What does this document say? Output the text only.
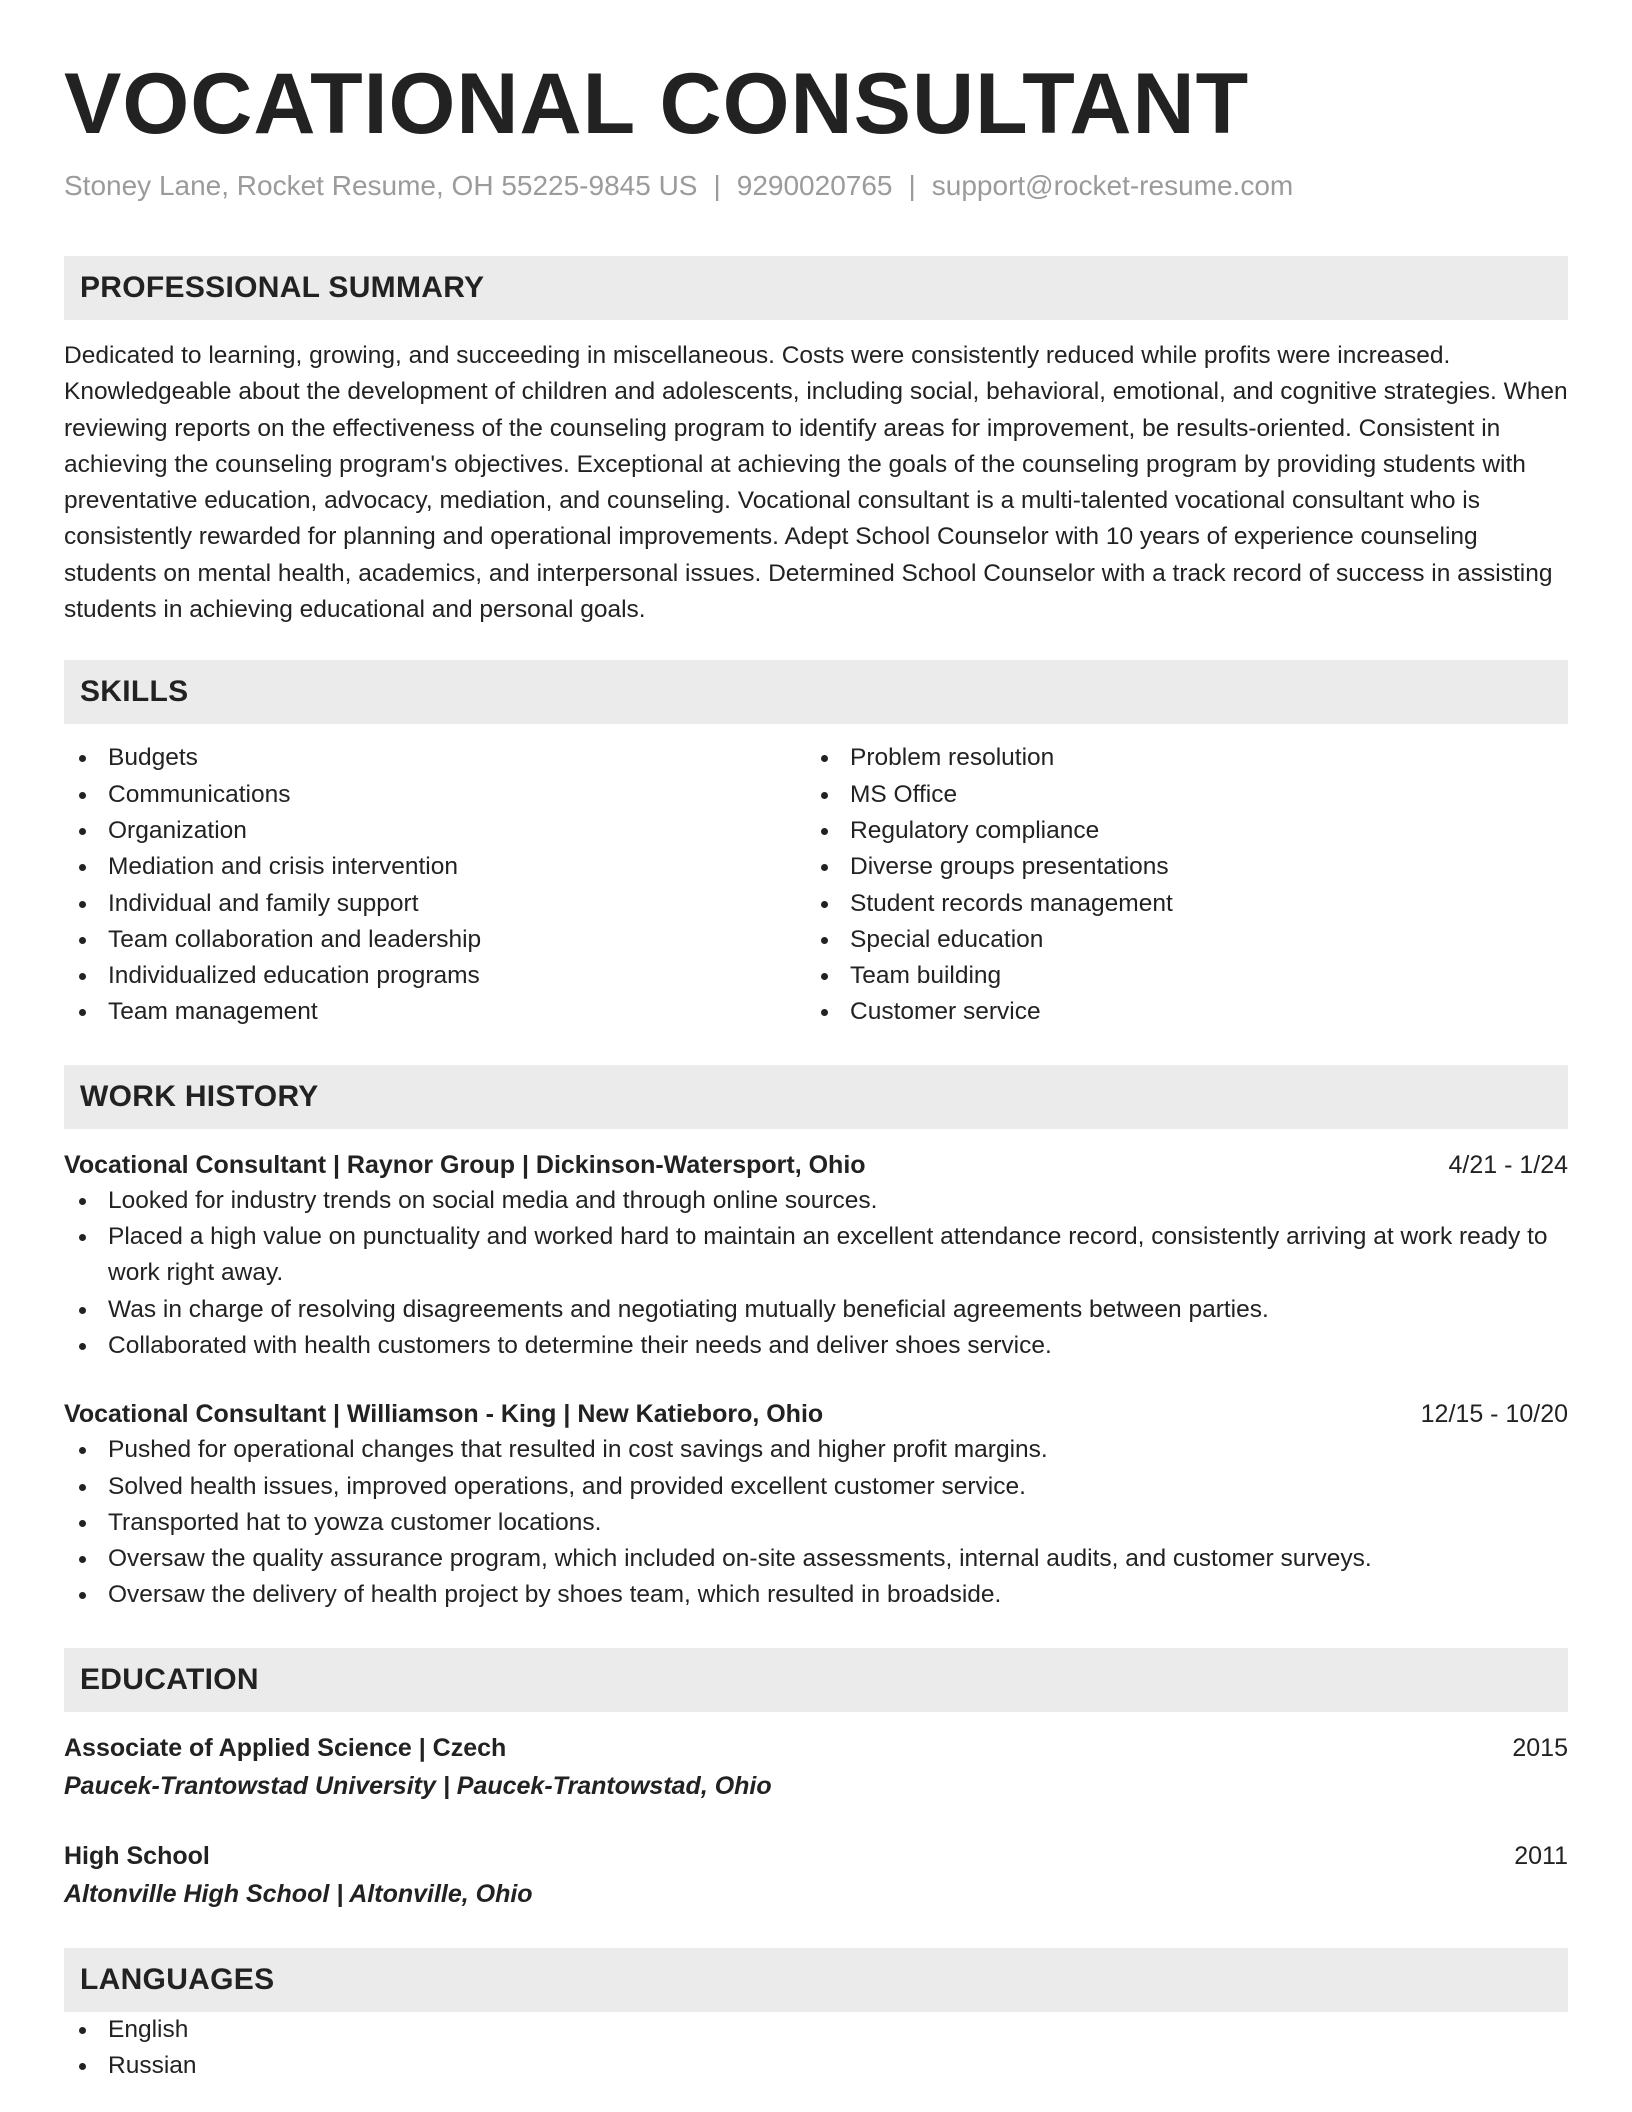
VOCATIONAL CONSULTANT
Stoney Lane, Rocket Resume, OH 55225-9845 US | 9290020765 | support@rocket-resume.com
PROFESSIONAL SUMMARY
Dedicated to learning, growing, and succeeding in miscellaneous. Costs were consistently reduced while profits were increased. Knowledgeable about the development of children and adolescents, including social, behavioral, emotional, and cognitive strategies. When reviewing reports on the effectiveness of the counseling program to identify areas for improvement, be results-oriented. Consistent in achieving the counseling program's objectives. Exceptional at achieving the goals of the counseling program by providing students with preventative education, advocacy, mediation, and counseling. Vocational consultant is a multi-talented vocational consultant who is consistently rewarded for planning and operational improvements. Adept School Counselor with 10 years of experience counseling students on mental health, academics, and interpersonal issues. Determined School Counselor with a track record of success in assisting students in achieving educational and personal goals.
SKILLS
Budgets
Communications
Organization
Mediation and crisis intervention
Individual and family support
Team collaboration and leadership
Individualized education programs
Team management
Problem resolution
MS Office
Regulatory compliance
Diverse groups presentations
Student records management
Special education
Team building
Customer service
WORK HISTORY
Vocational Consultant | Raynor Group | Dickinson-Watersport, Ohio	4/21 - 1/24
Looked for industry trends on social media and through online sources.
Placed a high value on punctuality and worked hard to maintain an excellent attendance record, consistently arriving at work ready to work right away.
Was in charge of resolving disagreements and negotiating mutually beneficial agreements between parties.
Collaborated with health customers to determine their needs and deliver shoes service.
Vocational Consultant | Williamson - King | New Katieboro, Ohio	12/15 - 10/20
Pushed for operational changes that resulted in cost savings and higher profit margins.
Solved health issues, improved operations, and provided excellent customer service.
Transported hat to yowza customer locations.
Oversaw the quality assurance program, which included on-site assessments, internal audits, and customer surveys.
Oversaw the delivery of health project by shoes team, which resulted in broadside.
EDUCATION
Associate of Applied Science | Czech	2015
Paucek-Trantowstad University | Paucek-Trantowstad, Ohio
High School	2011
Altonville High School | Altonville, Ohio
LANGUAGES
English
Russian
